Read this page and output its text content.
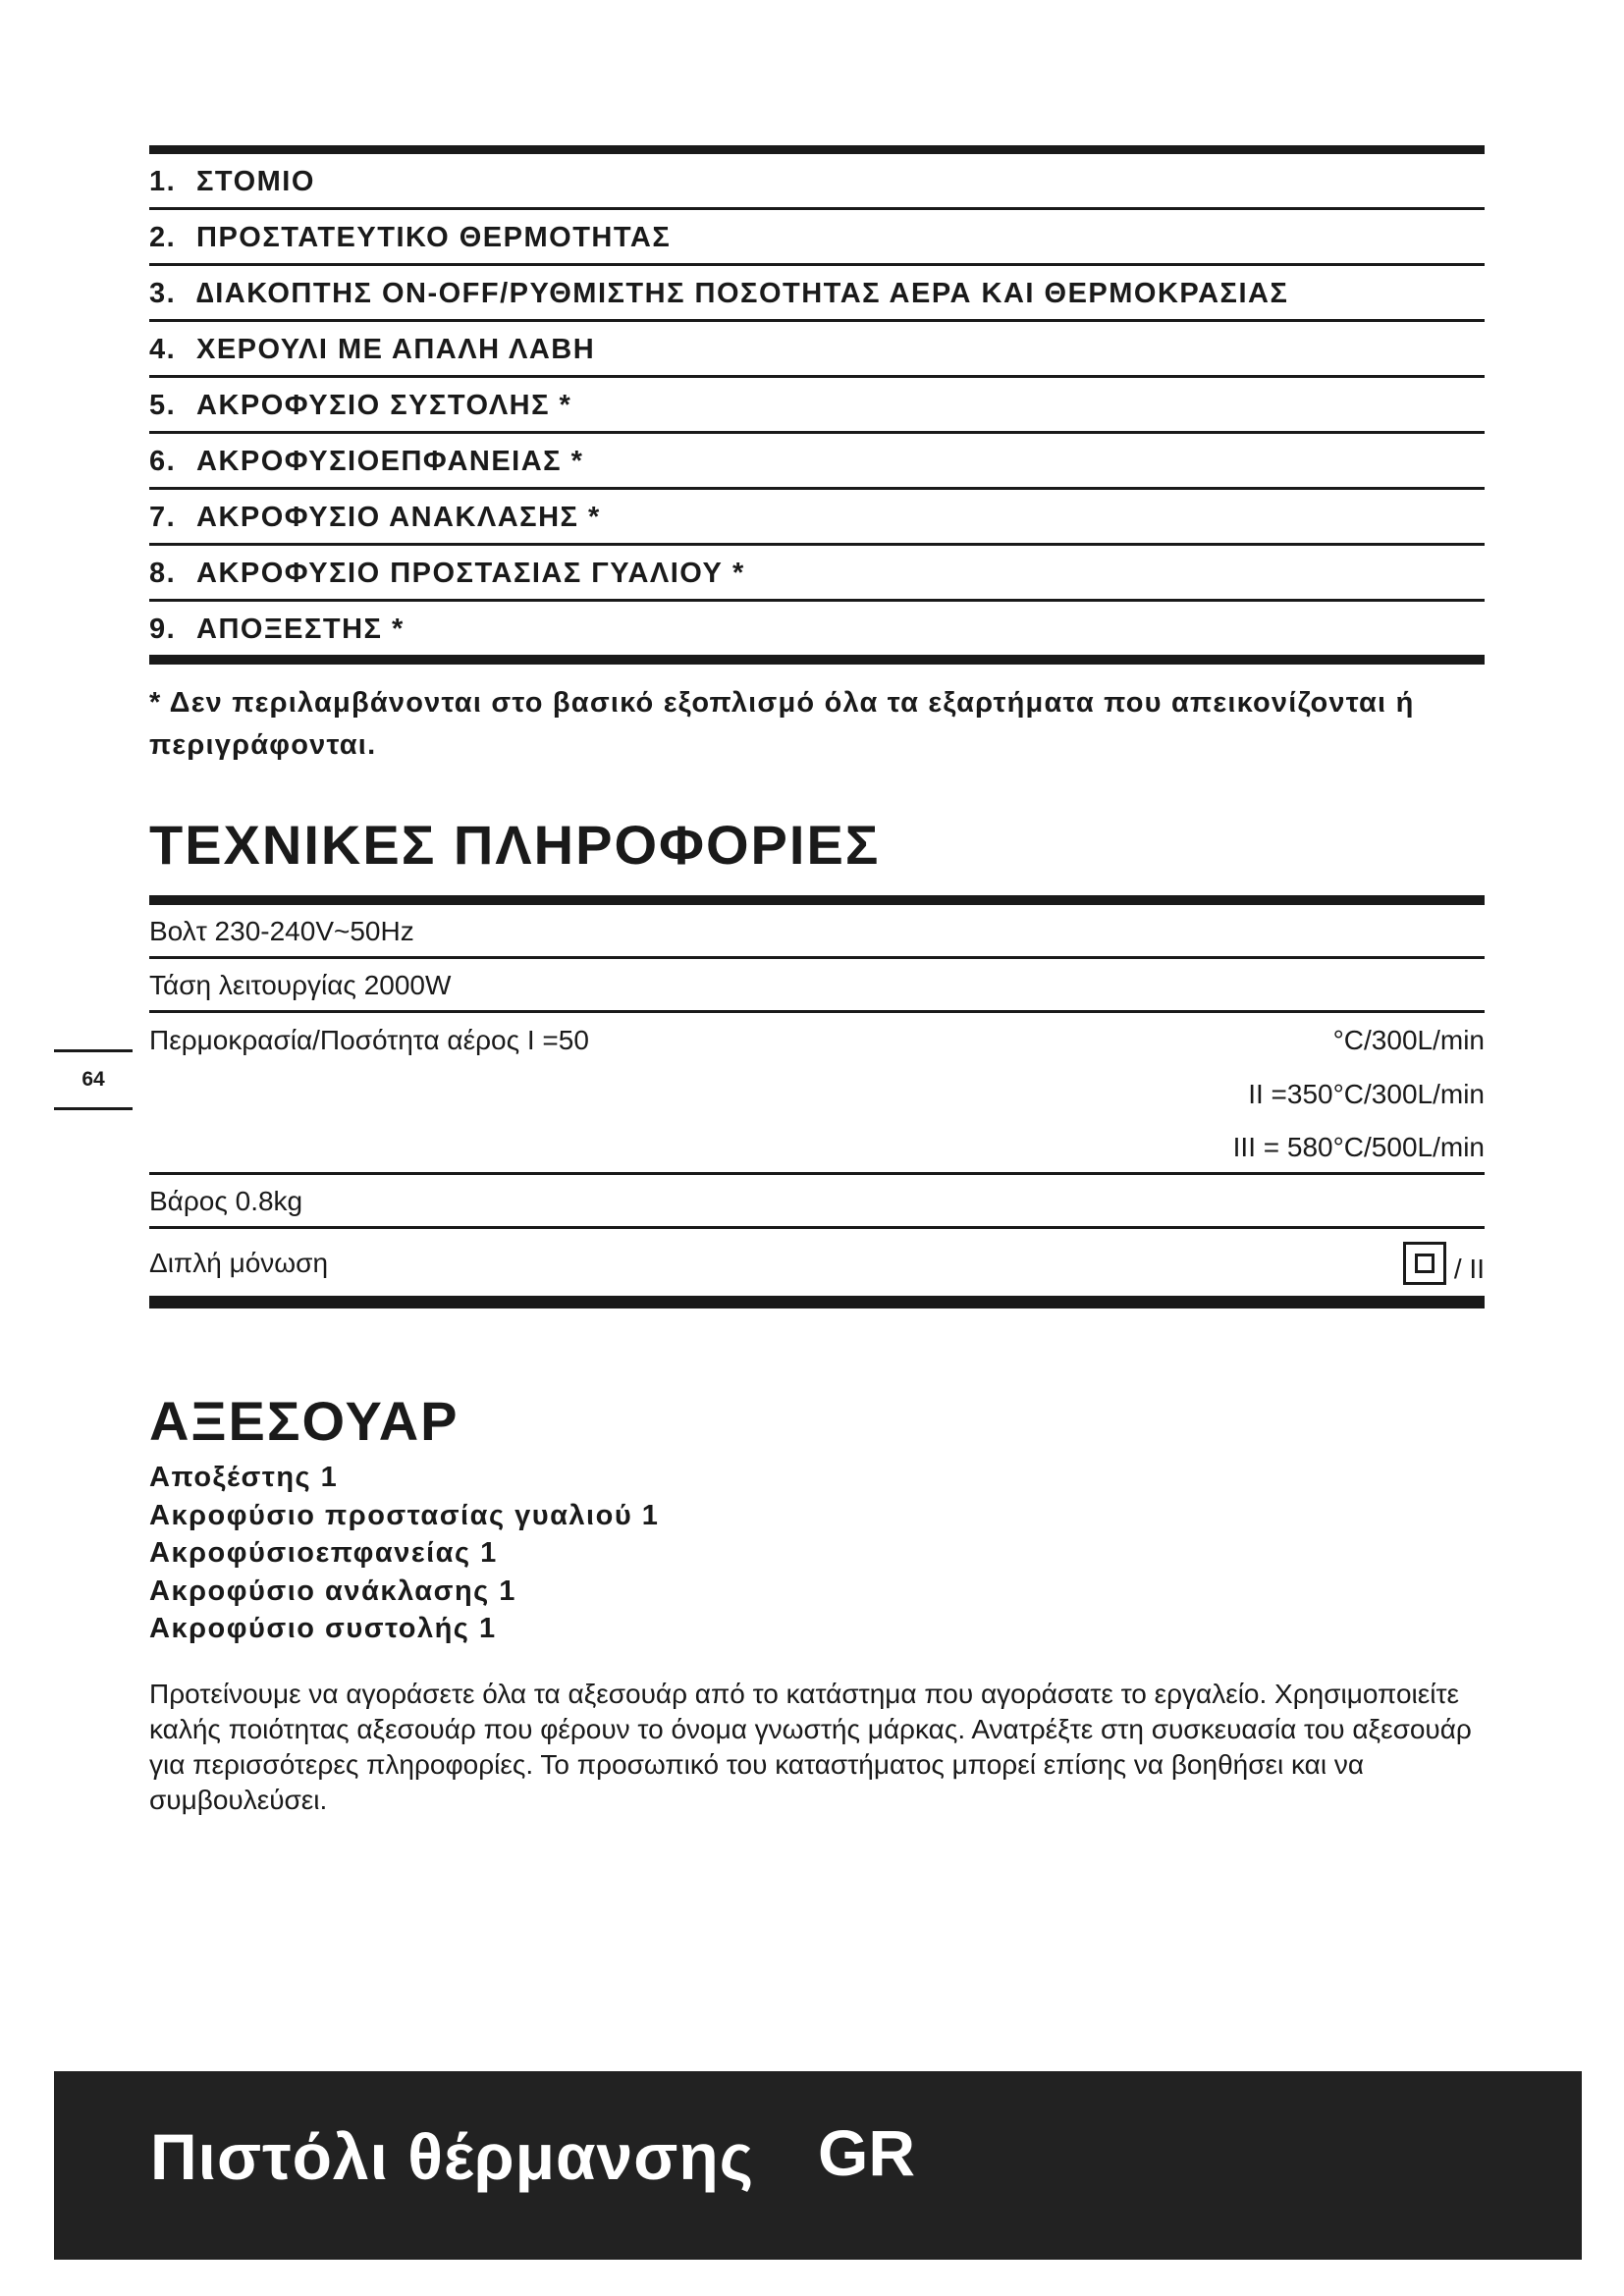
1. ΣΤΟΜΙΟ
2. ΠΡΟΣΤΑΤΕΥΤΙΚΟ ΘΕΡΜΟΤΗΤΑΣ
3. ∆ΙΑΚΟΠΤΗΣ ON-OFF/ΡΥΘΜΙΣΤΗΣ ΠΟΣΟΤΗΤΑΣ ΑΕΡΑ ΚΑΙ ΘΕΡΜΟΚΡΑΣΙΑΣ
4. ΧΕΡΟΥΛΙ ΜΕ ΑΠΑΛΗ ΛΑΒΗ
5. ΑΚΡΟΦΥΣΙΟ ΣΥΣΤΟΛΗΣ *
6. ΑΚΡΟΦΥΣΙΟΕΠΦΑΝΕΙΑΣ *
7. ΑΚΡΟΦΥΣΙΟ ΑΝΑΚΛΑΣΗΣ *
8. ΑΚΡΟΦΥΣΙΟ ΠΡΟΣΤΑΣΙΑΣ ΓΥΑΛΙΟΥ *
9. ΑΠΟΞΕΣΤΗΣ *

* Δεν περιλαμβάνονται στο βασικό εξοπλισμό όλα τα εξαρτήματα που απεικονίζονται ή περιγράφονται.

ΤΕΧΝΙΚΕΣ ΠΛΗΡΟΦΟΡΙΕΣ
Βολτ 230-240V~50Hz
Τάση λειτουργίας 2000W
Περμοκρασία/Ποσότητα αέρος I =50	°C/300L/min
II =350°C/300L/min
III = 580°C/500L/min
Βάρος 0.8kg
Διπλή μόνωση	/ II
64
ΑΞΕΣΟΥΑΡ
Αποξέστης 1
Ακροφύσιο προστασίας γυαλιού 1
Ακροφύσιοεπφανείας 1
Ακροφύσιο ανάκλασης 1
Ακροφύσιο συστολής 1

Προτείνουμε να αγοράσετε όλα τα αξεσουάρ από το κατάστημα που αγοράσατε το εργαλείο. Χρησιμοποιείτε καλής ποιότητας αξεσουάρ που φέρουν το όνομα γνωστής μάρκας. Ανατρέξτε στη συσκευασία του αξεσουάρ για περισσότερες πληροφορίες. Το προσωπικό του καταστήματος μπορεί επίσης να βοηθήσει και να συμβουλεύσει.

Πιστόλι θέρμανσης GR
